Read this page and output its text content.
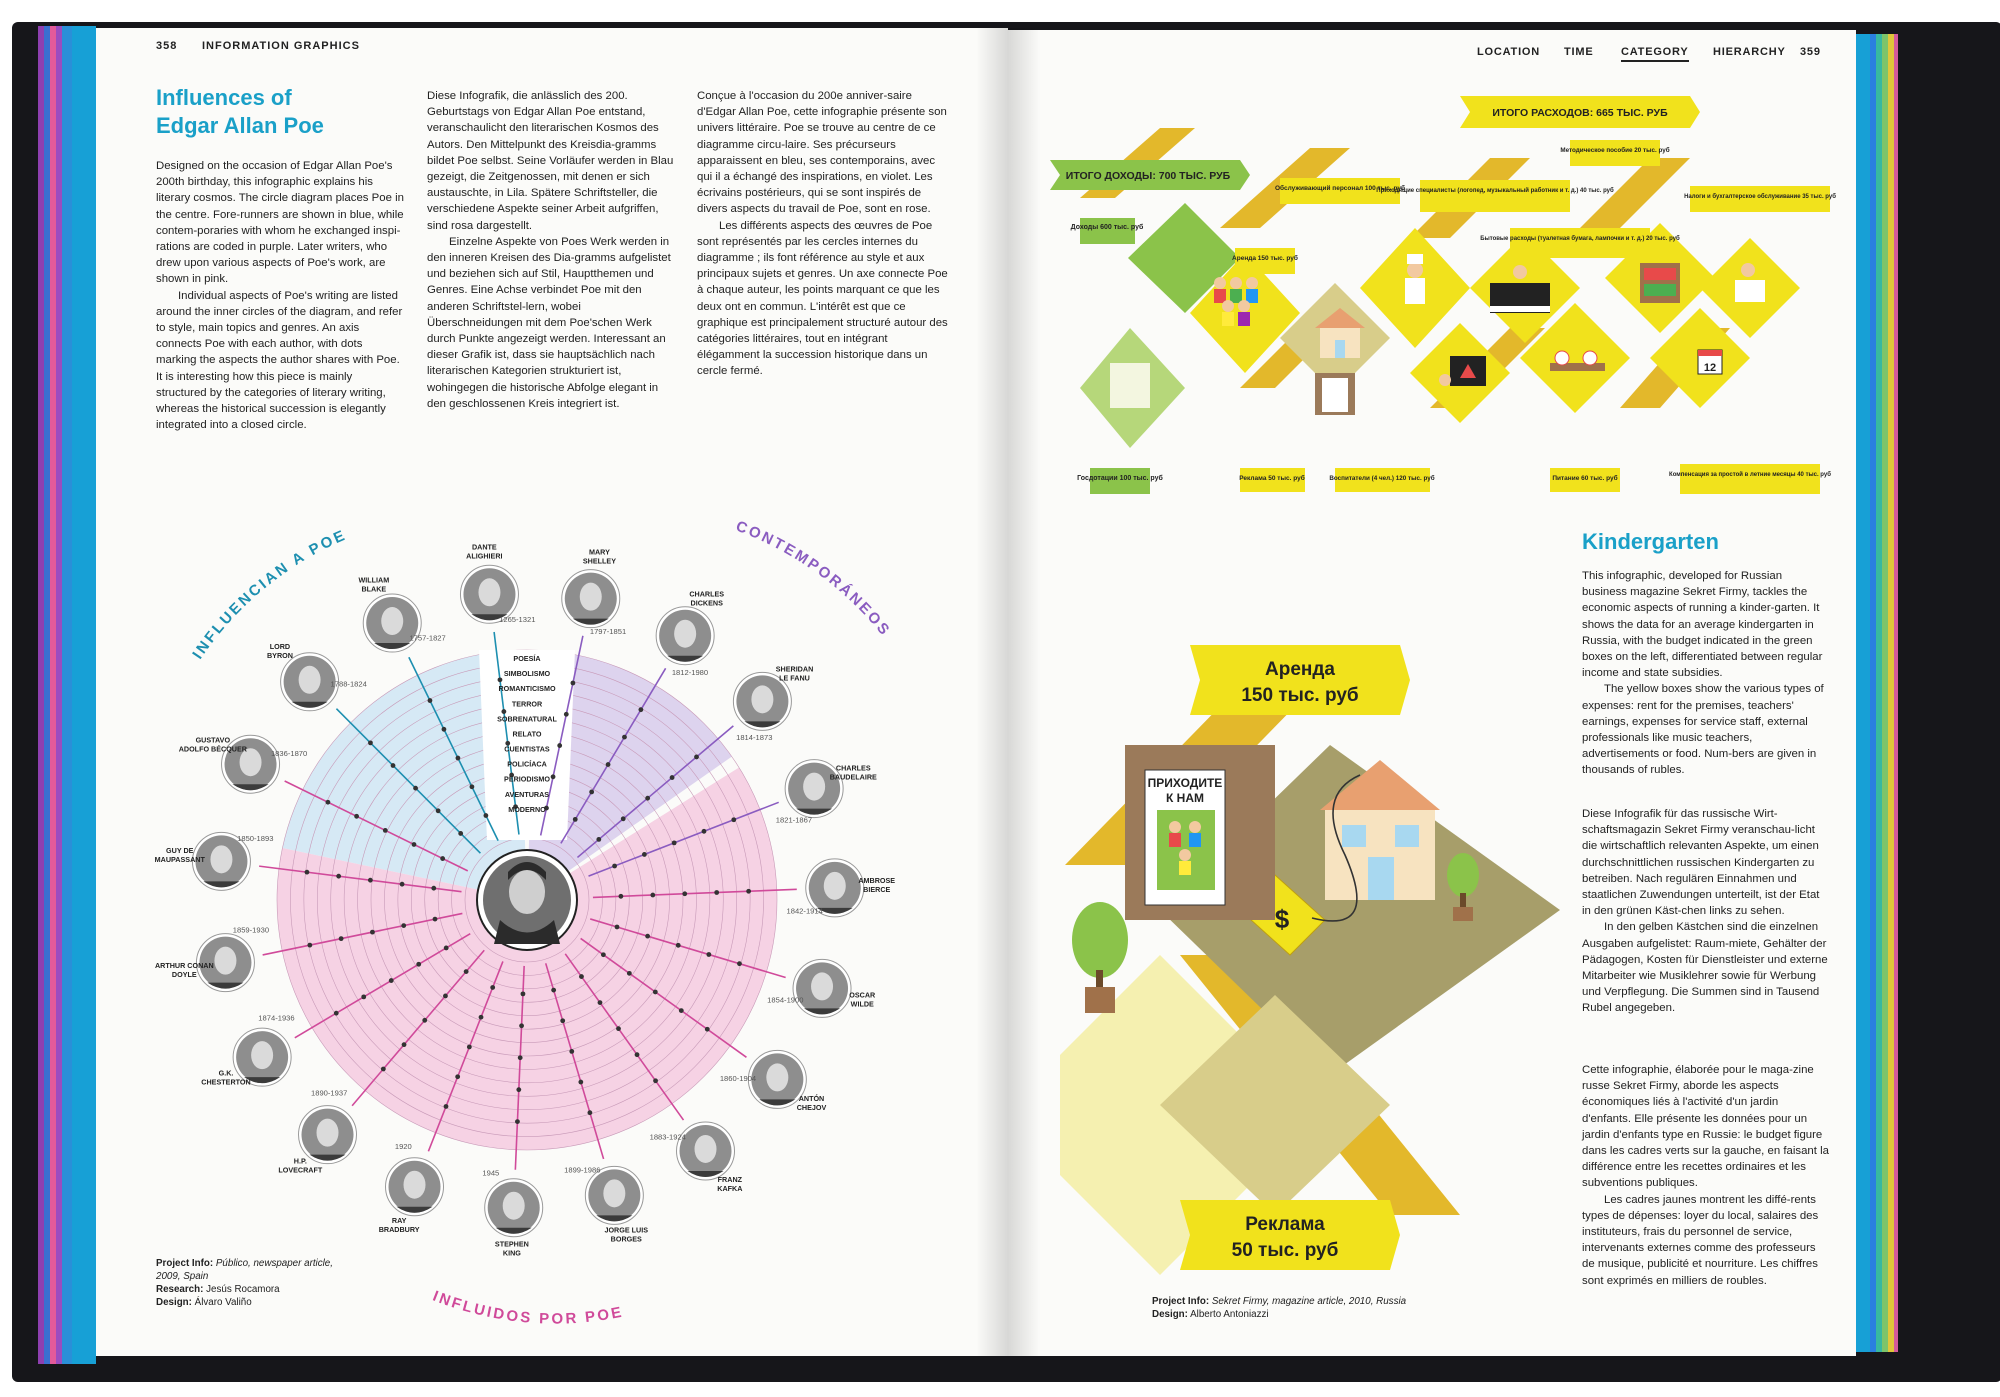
358 INFORMATION GRAPHICS
Influences of
Edgar Allan Poe

Designed on the occasion of Edgar Allan Poe's 200th birthday, this infographic explains his literary cosmos. The circle diagram places Poe in the centre. Fore-runners are shown in blue, while contem-poraries with whom he exchanged inspi-rations are coded in purple. Later writers, who drew upon various aspects of Poe's work, are shown in pink.

Individual aspects of Poe's writing are listed around the inner circles of the diagram, and refer to style, main topics and genres. An axis connects Poe with each author, with dots marking the aspects the author shares with Poe. It is interesting how this piece is mainly structured by the categories of literary writing, whereas the historical succession is elegantly integrated into a closed circle.

Diese Infografik, die anlässlich des 200. Geburtstags von Edgar Allan Poe entstand, veranschaulicht den literarischen Kosmos des Autors. Den Mittelpunkt des Kreisdia-gramms bildet Poe selbst. Seine Vorläufer werden in Blau gezeigt, die Zeitgenossen, mit denen er sich austauschte, in Lila. Spätere Schriftsteller, die verschiedene Aspekte seiner Arbeit aufgriffen, sind rosa dargestellt.

Einzelne Aspekte von Poes Werk werden in den inneren Kreisen des Dia-gramms aufgelistet und beziehen sich auf Stil, Hauptthemen und Genres. Eine Achse verbindet Poe mit den anderen Schriftstel-lern, wobei Überschneidungen mit dem Poe'schen Werk durch Punkte angezeigt werden. Interessant an dieser Grafik ist, dass sie hauptsächlich nach literarischen Kategorien strukturiert ist, wohingegen die historische Abfolge elegant in den geschlossenen Kreis integriert ist.

Conçue à l'occasion du 200e anniver-saire d'Edgar Allan Poe, cette infographie présente son univers littéraire. Poe se trouve au centre de ce diagramme circu-laire. Ses précurseurs apparaissent en bleu, ses contemporains, avec qui il a échangé des inspirations, en violet. Les écrivains postérieurs, qui se sont inspirés de divers aspects du travail de Poe, sont en rose.

Les différents aspects des œuvres de Poe sont représentés par les cercles internes du diagramme ; ils font référence au style et aux principaux sujets et genres. Un axe connecte Poe à chaque auteur, les points marquant ce que les deux ont en commun. L'intérêt est que ce graphique est principalement structuré autour des catégories littéraires, tout en intégrant élégamment la succession historique dans un cercle fermé.

POESÍA
SIMBOLISMO
ROMANTICISMO
TERROR
SOBRENATURAL
RELATO
CUENTISTAS
POLICÍACA
PERIODISMO
AVENTURAS
MODERNO
DANTE
ALIGHIERI
1265-1321
WILLIAM
BLAKE
1757-1827
LORD
BYRON
1788-1824
GUSTAVO
ADOLFO BÉCQUER	1836-1870
GUY DE
MAUPASSANT
1850-1893
ARTHUR CONAN
DOYLE
1859-1930
G.K.
CHESTERTON
1874-1936
H.P.
LOVECRAFT
1890-1937
RAY
BRADBURY
1920
STEPHEN
KING
1945
JORGE LUIS
BORGES
1899-1986
FRANZ
KAFKA
1883-1924
ANTÓN
CHEJOV
1860-1904
OSCAR
WILDE
1854-1900
AMBROSE
BIERCE
1842-1914
CHARLES
BAUDELAIRE
1821-1867
SHERIDAN
LE FANU
1814-1873
CHARLES
DICKENS
1812-1980
MARY
SHELLEY
1797-1851
INFLUENCIAN A POE	CONTEMPORÁNEOS
INFLUIDOS POR POE
Project Info: Público, newspaper article, 2009, Spain
Research: Jesús Rocamora
Design: Álvaro Valiño
LOCATION TIME	CATEGORY HIERARCHY 359
12
ИТОГО РАСХОДОВ: 665 ТЫС. РУБ
ИТОГО ДОХОДЫ: 700 ТЫС. РУБ
Доходы 600 тыс. руб
Госдотации 100 тыс. руб
Обслуживающий персонал 100 тыс. руб
Приходящие специалисты (логопед, музыкальный работник и т. д.) 40 тыс. руб
Методическое пособие 20 тыс. руб
Налоги и бухгалтерское обслуживание 35 тыс. руб
Аренда 150 тыс. руб
Бытовые расходы (туалетная бумага, лампочки и т. д.) 20 тыс. руб
Реклама 50 тыс. руб	Воспитатели (4 чел.) 120 тыс. руб	Питание 60 тыс. руб	Компенсация за простой в летние месяцы 40 тыс. руб
Kindergarten

This infographic, developed for Russian business magazine Sekret Firmy, tackles the economic aspects of running a kinder-garten. It shows the data for an average kindergarten in Russia, with the budget indicated in the green boxes on the left, differentiated between regular income and state subsidies.

The yellow boxes show the various types of expenses: rent for the premises, teachers' earnings, expenses for service staff, external professionals like music teachers, advertisements or food. Num-bers are given in thousands of rubles.

Diese Infografik für das russische Wirt-schaftsmagazin Sekret Firmy veranschau-licht die wirtschaftlich relevanten Aspekte, um einen durchschnittlichen russischen Kindergarten zu betreiben. Nach regulären Einnahmen und staatlichen Zuwendungen unterteilt, ist der Etat in den grünen Käst-chen links zu sehen.

In den gelben Kästchen sind die einzelnen Ausgaben aufgelistet: Raum-miete, Gehälter der Pädagogen, Kosten für Dienstleister und externe Mitarbeiter wie Musiklehrer sowie für Werbung und Verpflegung. Die Summen sind in Tausend Rubel angegeben.

Cette infographie, élaborée pour le maga-zine russe Sekret Firmy, aborde les aspects économiques liés à l'activité d'un jardin d'enfants. Elle présente les données pour un jardin d'enfants type en Russie: le budget figure dans les cadres verts sur la gauche, en faisant la différence entre les recettes ordinaires et les subventions publiques.

Les cadres jaunes montrent les diffé-rents types de dépenses: loyer du local, salaires des instituteurs, frais du personnel de service, intervenants externes comme des professeurs de musique, publicité et nourriture. Les chiffres sont exprimés en milliers de roubles.

$
ПРИХОДИТЕ
К НАМ
Аренда
150 тыс. руб
Реклама
50 тыс. руб
Project Info: Sekret Firmy, magazine article, 2010, Russia
Design: Alberto Antoniazzi
